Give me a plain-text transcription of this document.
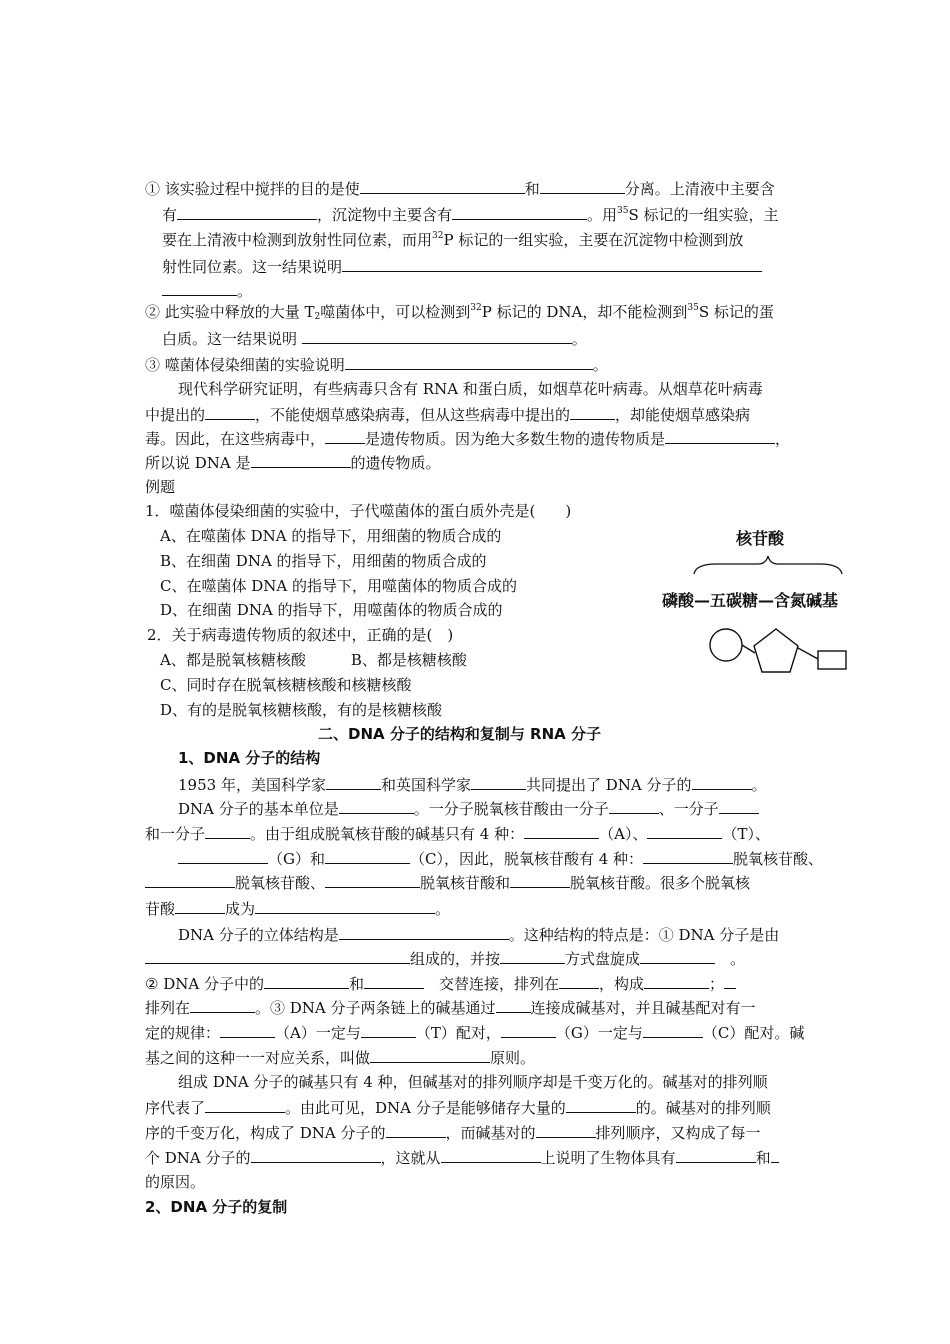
① 该实验过程中搅拌的目的是使	和	分离。上清液中主要含
有	，沉淀物中主要含有	。用$^{35}$S 标记的一组实验，主
要在上清液中检测到放射性同位素，而用$^{32}$P 标记的一组实验，主要在沉淀物中检测到放
射性同位素。这一结果说明
。
② 此实验中释放的大量 $T_2$噬菌体中，可以检测到$^{32}$P 标记的 DNA，却不能检测到$^{35}$S 标记的蛋
白质。这一结果说明	。
③ 噬菌体侵染细菌的实验说明	。
现代科学研究证明，有些病毒只含有 RNA 和蛋白质，如烟草花叶病毒。从烟草花叶病毒
中提出的	，不能使烟草感染病毒，但从这些病毒中提出的	，却能使烟草感染病
毒。因此，在这些病毒中，	是遗传物质。因为绝大多数生物的遗传物质是	，
所以说 DNA 是	的遗传物质。
例题
1．噬菌体侵染细菌的实验中，子代噬菌体的蛋白质外壳是(　　)
A、在噬菌体 DNA 的指导下，用细菌的物质合成的
B、在细菌 DNA 的指导下，用细菌的物质合成的
C、在噬菌体 DNA 的指导下，用噬菌体的物质合成的
D、在细菌 DNA 的指导下，用噬菌体的物质合成的
2．关于病毒遗传物质的叙述中，正确的是(　)
A、都是脱氧核糖核酸　　　B、都是核糖核酸
C、同时存在脱氧核糖核酸和核糖核酸
D、有的是脱氧核糖核酸，有的是核糖核酸
二、DNA 分子的结构和复制与 RNA 分子
1、DNA 分子的结构
1953 年，美国科学家	和英国科学家	共同提出了 DNA 分子的	。
DNA 分子的基本单位是	。一分子脱氧核苷酸由一分子	、一分子
和一分子	。由于组成脱氧核苷酸的碱基只有 4 种：	（A）、	（T）、
（G）和	（C），因此，脱氧核苷酸有 4 种：	脱氧核苷酸、
脱氧核苷酸、	脱氧核苷酸和	脱氧核苷酸。很多个脱氧核
苷酸	成为	。
DNA 分子的立体结构是	。这种结构的特点是：① DNA 分子是由
组成的，并按	方式盘旋成	　。
② DNA 分子中的	和	　交替连接，排列在	，构成	；
排列在	。③ DNA 分子两条链上的碱基通过 连接成碱基对，并且碱基配对有一
定的规律：	（A）一定与	（T）配对，	（G）一定与	（C）配对。碱
基之间的这种一一对应关系，叫做	原则。
组成 DNA 分子的碱基只有 4 种，但碱基对的排列顺序却是千变万化的。碱基对的排列顺
序代表了	。由此可见，DNA 分子是能够储存大量的	的。碱基对的排列顺
序的千变万化，构成了 DNA 分子的	，而碱基对的	排列顺序，又构成了每一
个 DNA 分子的	，这就从	上说明了生物体具有	和
的原因。
2、DNA 分子的复制
核苷酸
磷酸—五碳糖—含氮碱基
